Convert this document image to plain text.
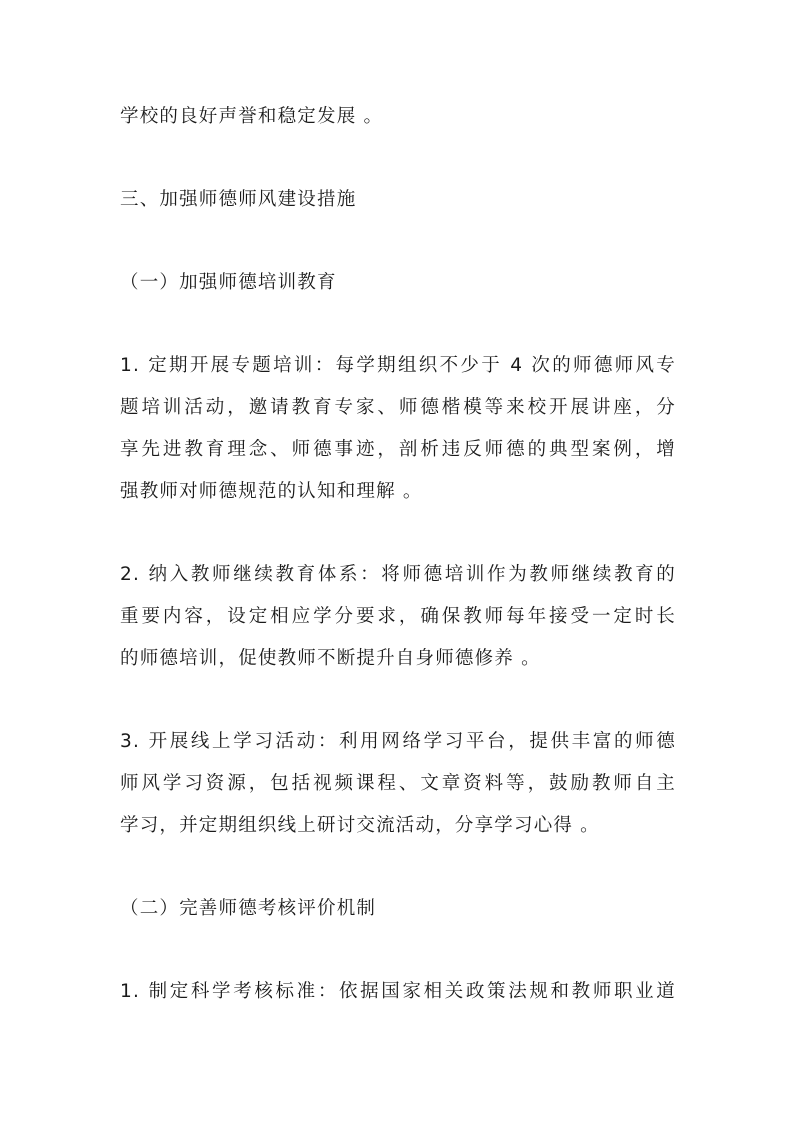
学校的良好声誉和稳定发展 。
三、加强师德师风建设措施
（一）加强师德培训教育
1. 定期开展专题培训：每学期组织不少于 4 次的师德师风专
题培训活动，邀请教育专家、师德楷模等来校开展讲座，分
享先进教育理念、师德事迹，剖析违反师德的典型案例，增
强教师对师德规范的认知和理解 。
2. 纳入教师继续教育体系：将师德培训作为教师继续教育的
重要内容，设定相应学分要求，确保教师每年接受一定时长
的师德培训，促使教师不断提升自身师德修养 。
3. 开展线上学习活动：利用网络学习平台，提供丰富的师德
师风学习资源，包括视频课程、文章资料等，鼓励教师自主
学习，并定期组织线上研讨交流活动，分享学习心得 。
（二）完善师德考核评价机制
1. 制定科学考核标准：依据国家相关政策法规和教师职业道
